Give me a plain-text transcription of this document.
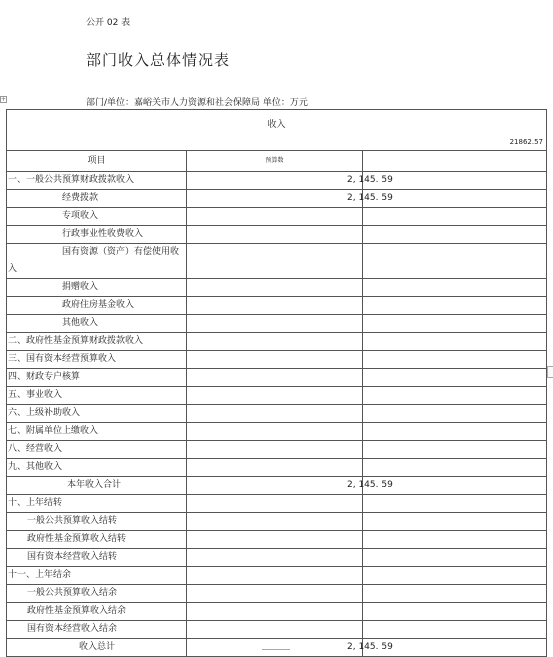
公开 02 表
部门收入总体情况表
+	部门/单位：嘉峪关市人力资源和社会保障局 单位：万元
收入
21862.57
项目	预算数	
一、一般公共预算财政拨款收入	2, 145. 59	
经费拨款	2, 145. 59	
专项收入		
行政事业性收费收入		

国有资源（资产）有偿使用收
入		

捐赠收入		
政府住房基金收入		
其他收入		
二、政府性基金预算财政拨款收入		
三、国有资本经营预算收入		
四、财政专户核算		
五、事业收入		
六、上级补助收入		
七、附属单位上缴收入		
八、经营收入		
九、其他收入		
本年收入合计	2, 145. 59	
十、上年结转		
一般公共预算收入结转		
政府性基金预算收入结转		
国有资本经营收入结转		
十一、上年结余		
一般公共预算收入结余		
政府性基金预算收入结余		
国有资本经营收入结余		
收入总计	2, 145. 59	
